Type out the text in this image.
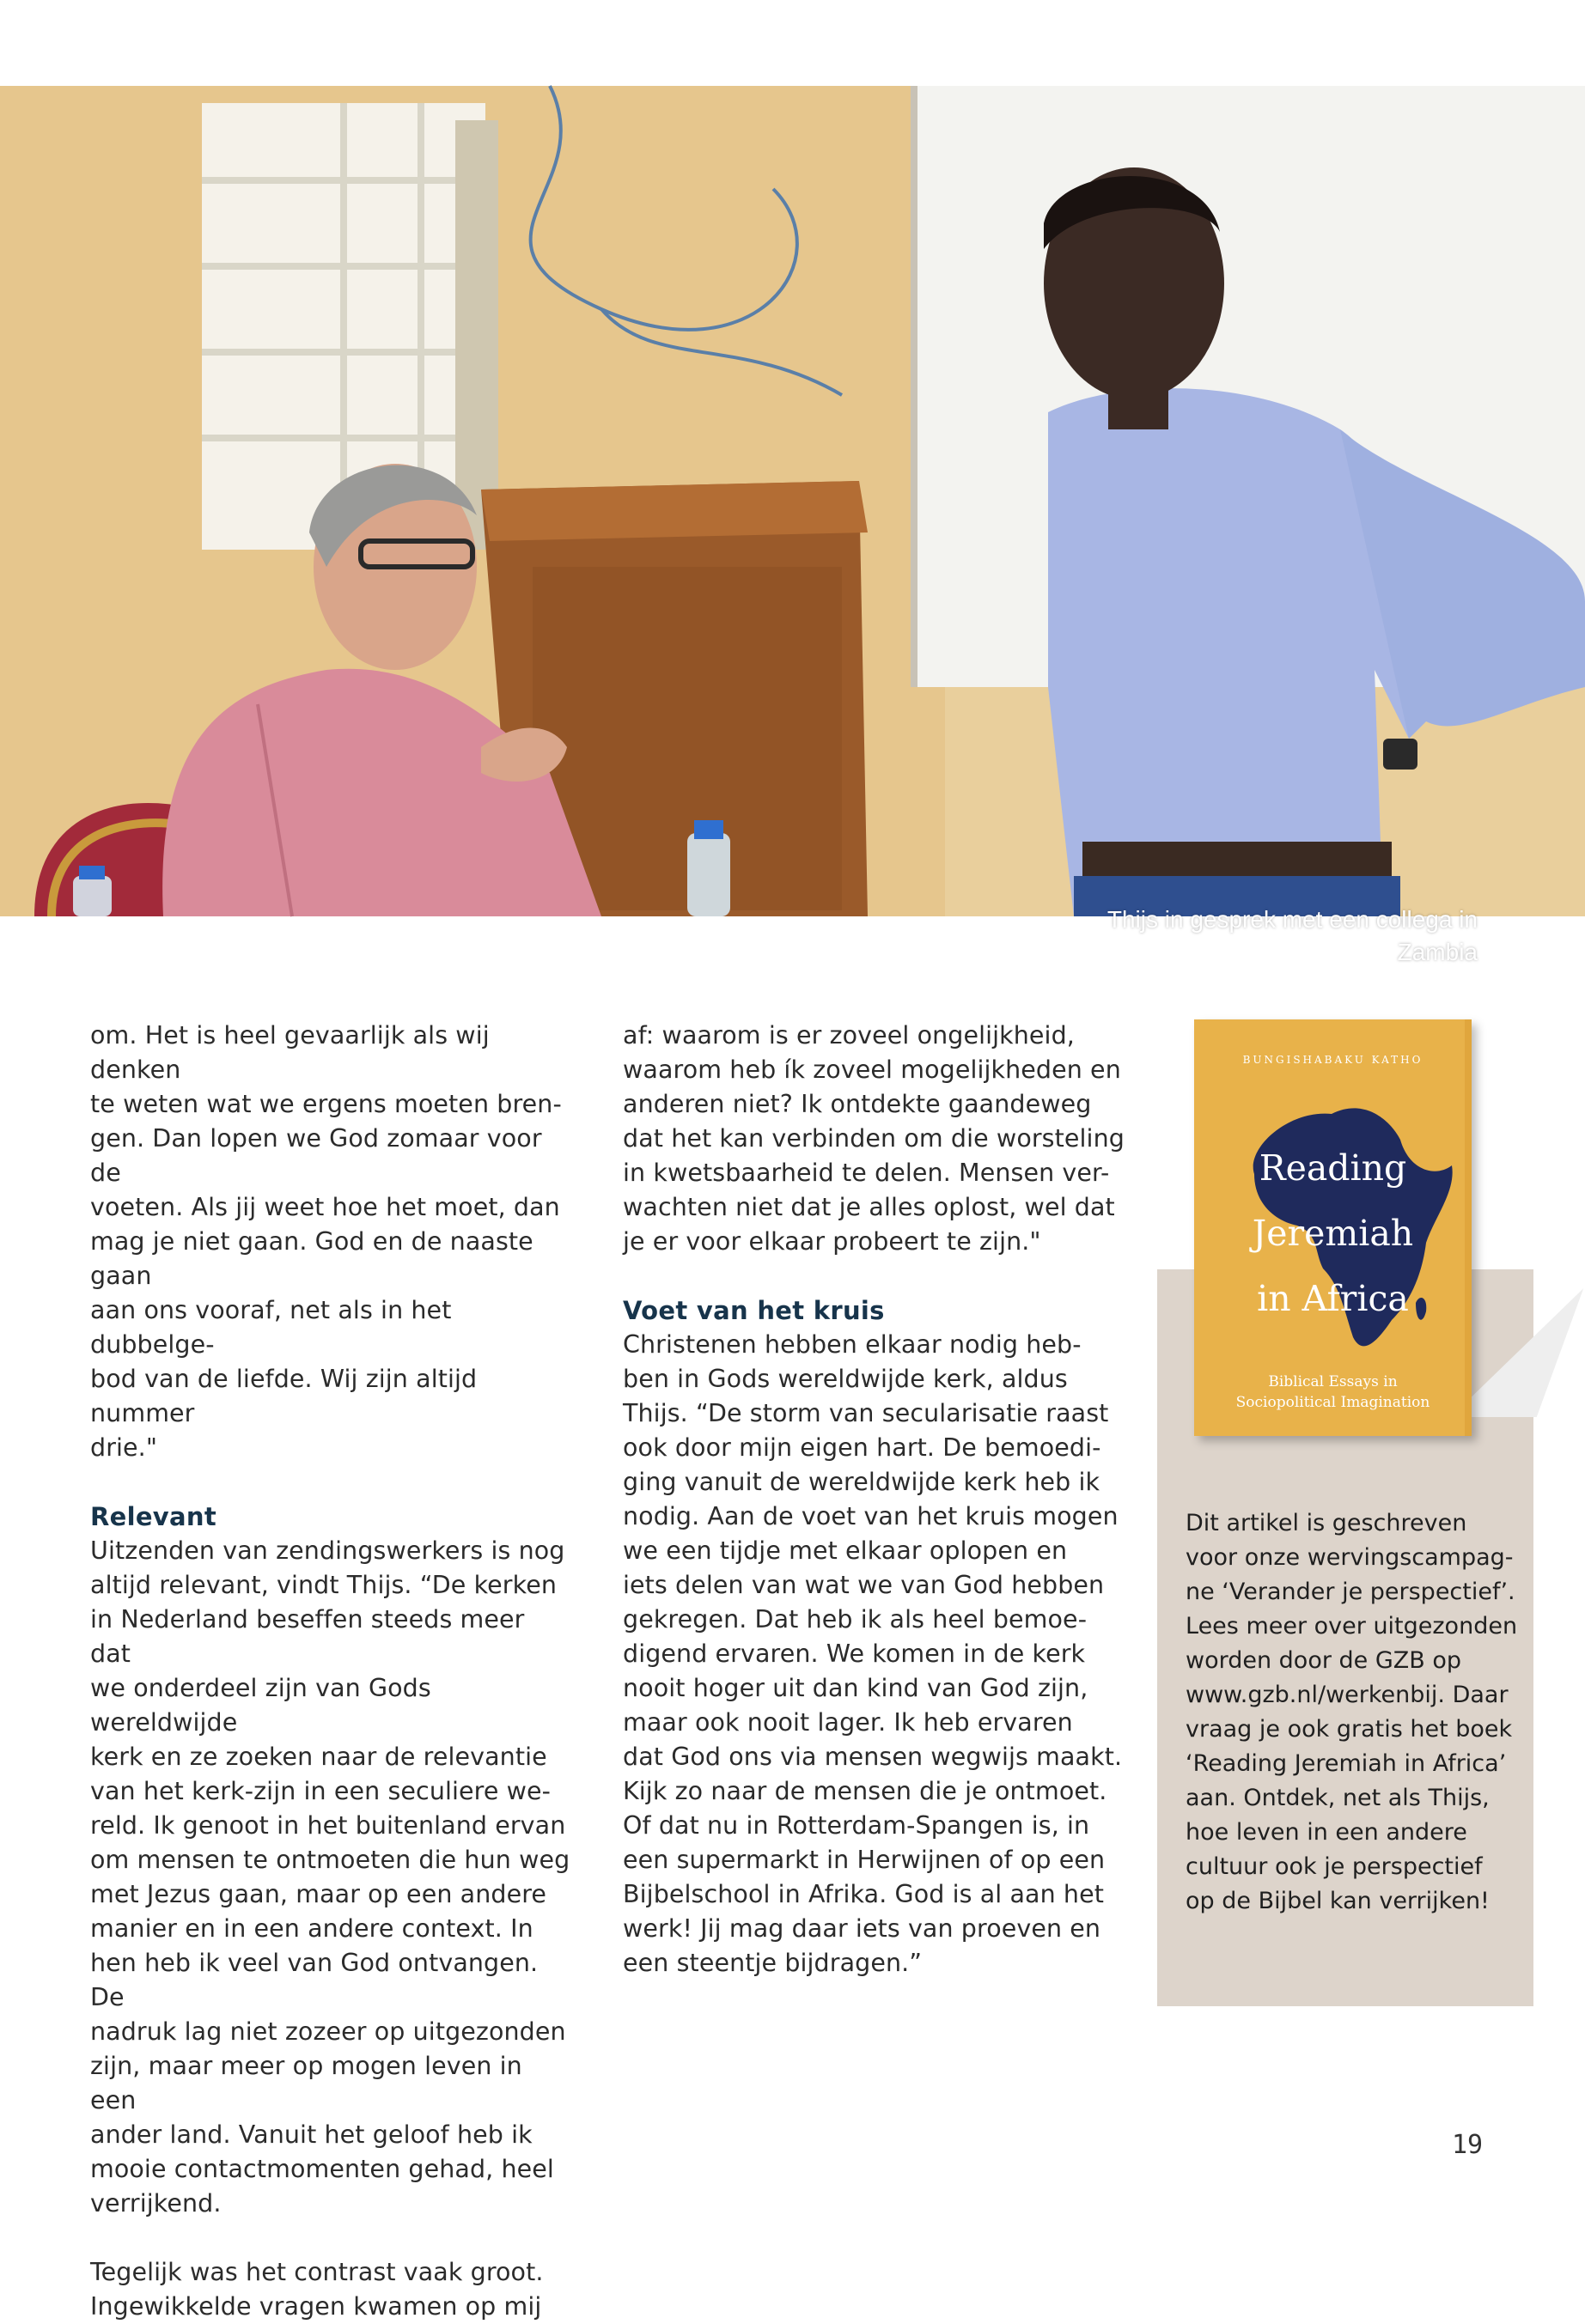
Thijs in gesprek met een collega in Zambia

om. Het is heel gevaarlijk als wij denken
te weten wat we ergens moeten bren-
gen. Dan lopen we God zomaar voor de
voeten. Als jij weet hoe het moet, dan
mag je niet gaan. God en de naaste gaan
aan ons vooraf, net als in het dubbelge-
bod van de liefde. Wij zijn altijd nummer
drie."

Relevant

Uitzenden van zendingswerkers is nog
altijd relevant, vindt Thijs. “De kerken
in Nederland beseffen steeds meer dat
we onderdeel zijn van Gods wereldwijde
kerk en ze zoeken naar de relevantie
van het kerk-zijn in een seculiere we-
reld. Ik genoot in het buitenland ervan
om mensen te ontmoeten die hun weg
met Jezus gaan, maar op een andere
manier en in een andere context. In
hen heb ik veel van God ontvangen. De
nadruk lag niet zozeer op uitgezonden
zijn, maar meer op mogen leven in een
ander land. Vanuit het geloof heb ik
mooie contactmomenten gehad, heel
verrijkend.

Tegelijk was het contrast vaak groot.
Ingewikkelde vragen kwamen op mij

af: waarom is er zoveel ongelijkheid,
waarom heb ík zoveel mogelijkheden en
anderen niet? Ik ontdekte gaandeweg
dat het kan verbinden om die worsteling
in kwetsbaarheid te delen. Mensen ver-
wachten niet dat je alles oplost, wel dat
je er voor elkaar probeert te zijn."

Voet van het kruis

Christenen hebben elkaar nodig heb-
ben in Gods wereldwijde kerk, aldus
Thijs. “De storm van secularisatie raast
ook door mijn eigen hart. De bemoedi-
ging vanuit de wereldwijde kerk heb ik
nodig. Aan de voet van het kruis mogen
we een tijdje met elkaar oplopen en
iets delen van wat we van God hebben
gekregen. Dat heb ik als heel bemoe-
digend ervaren. We komen in de kerk
nooit hoger uit dan kind van God zijn,
maar ook nooit lager. Ik heb ervaren
dat God ons via mensen wegwijs maakt.
Kijk zo naar de mensen die je ontmoet.
Of dat nu in Rotterdam-Spangen is, in
een supermarkt in Herwijnen of op een
Bijbelschool in Afrika. God is al aan het
werk! Jij mag daar iets van proeven en
een steentje bijdragen.”

BUNGISHABAKU KATHO
Reading
Jeremiah
in Africa
Biblical Essays in
Sociopolitical Imagination
Dit artikel is geschreven
voor onze wervingscampag-
ne ‘Verander je perspectief’.
Lees meer over uitgezonden
worden door de GZB op
www.gzb.nl/werkenbij. Daar
vraag je ook gratis het boek
‘Reading Jeremiah in Africa’
aan. Ontdek, net als Thijs,
hoe leven in een andere
cultuur ook je perspectief
op de Bijbel kan verrijken!
19
